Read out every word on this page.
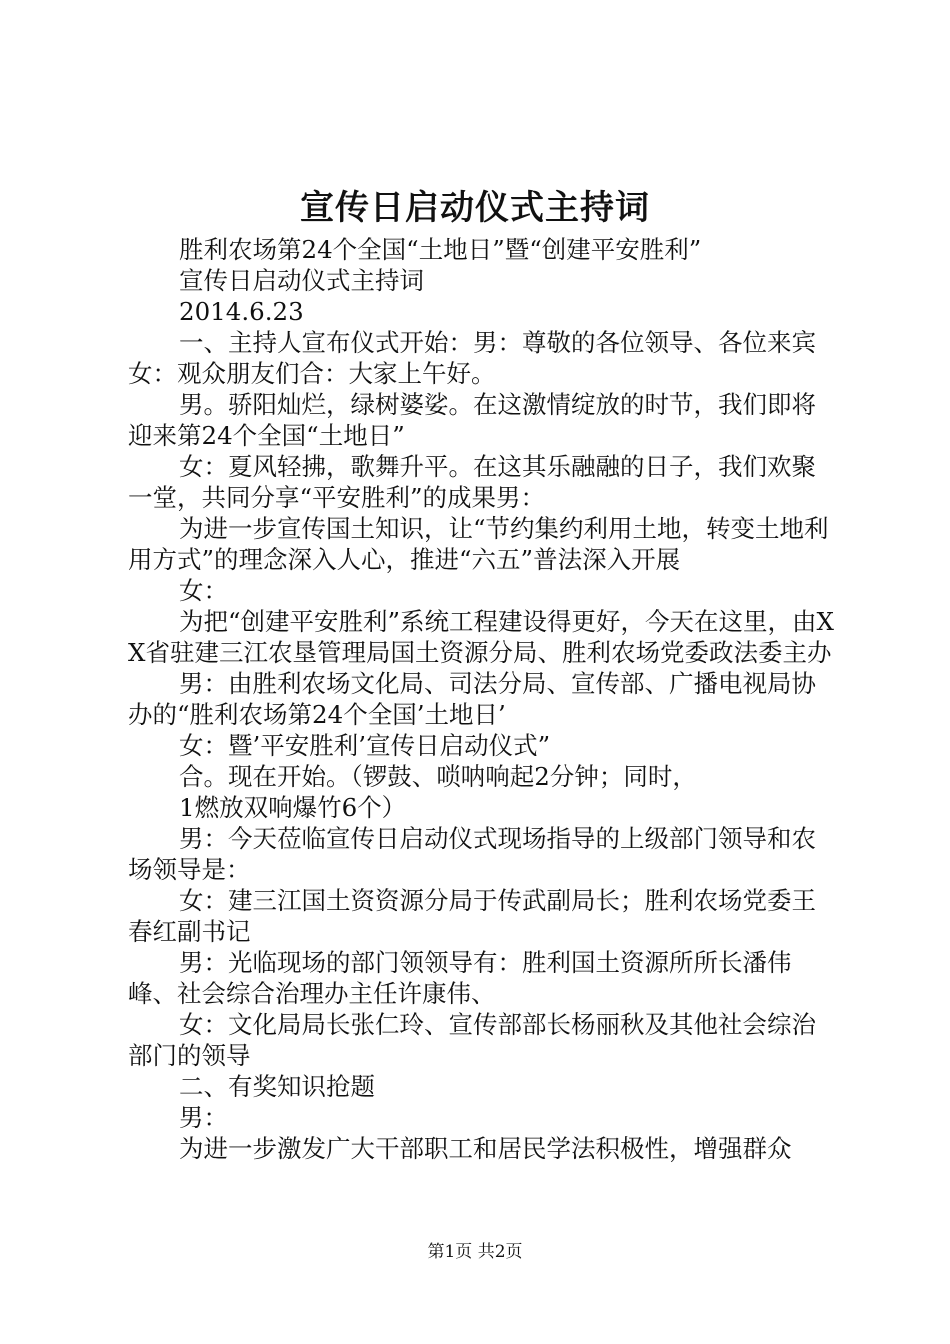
宣传日启动仪式主持词

胜利农场第24个全国“土地日”暨“创建平安胜利”

宣传日启动仪式主持词

2014.6.23

一、主持人宣布仪式开始：男：尊敬的各位领导、各位来宾女：观众朋友们合：大家上午好。

男。骄阳灿烂，绿树婆娑。在这激情绽放的时节，我们即将迎来第24个全国“土地日”

女：夏风轻拂，歌舞升平。在这其乐融融的日子，我们欢聚一堂，共同分享“平安胜利”的成果男：

为进一步宣传国土知识，让“节约集约利用土地，转变土地利用方式”的理念深入人心，推进“六五”普法深入开展

女：

为把“创建平安胜利”系统工程建设得更好，今天在这里，由XX省驻建三江农垦管理局国土资源分局、胜利农场党委政法委主办

男：由胜利农场文化局、司法分局、宣传部、广播电视局协办的“胜利农场第24个全国’土地日’

女：暨’平安胜利’宣传日启动仪式”

合。现在开始。（锣鼓、唢呐响起2分钟；同时，

1燃放双响爆竹6个）

男：今天莅临宣传日启动仪式现场指导的上级部门领导和农场领导是：

女：建三江国土资资源分局于传武副局长；胜利农场党委王春红副书记

男：光临现场的部门领领导有：胜利国土资源所所长潘伟峰、社会综合治理办主任许康伟、

女：文化局局长张仁玲、宣传部部长杨丽秋及其他社会综治部门的领导

二、有奖知识抢题

男：

为进一步激发广大干部职工和居民学法积极性，增强群众

第1页 共2页
